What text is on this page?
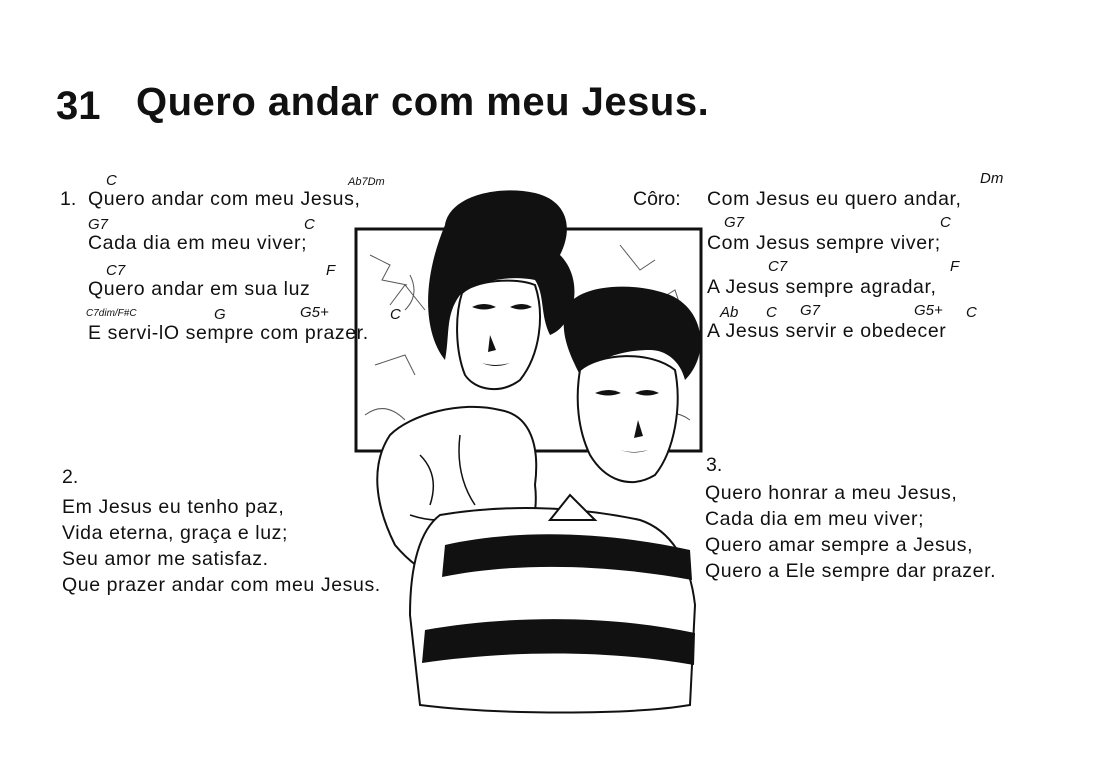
31 Quero andar com meu Jesus.
1.
C	Ab7Dm
Quero andar com meu Jesus,
G7	C
Cada dia em meu viver;
C7	F
Quero andar em sua luz
C7dim/F#C	G	G5+	C
E servi-lO sempre com prazer.
Côro:
Dm
Com Jesus eu quero andar,
G7	C
Com Jesus sempre viver;
C7	F
A Jesus sempre agradar,
Ab C G7	G5+ C
A Jesus servir e obedecer
2.
Em Jesus eu tenho paz,
Vida eterna, graça e luz;
Seu amor me satisfaz.
Que prazer andar com meu Jesus.
3.
Quero honrar a meu Jesus,
Cada dia em meu viver;
Quero amar sempre a Jesus,
Quero a Ele sempre dar prazer.
